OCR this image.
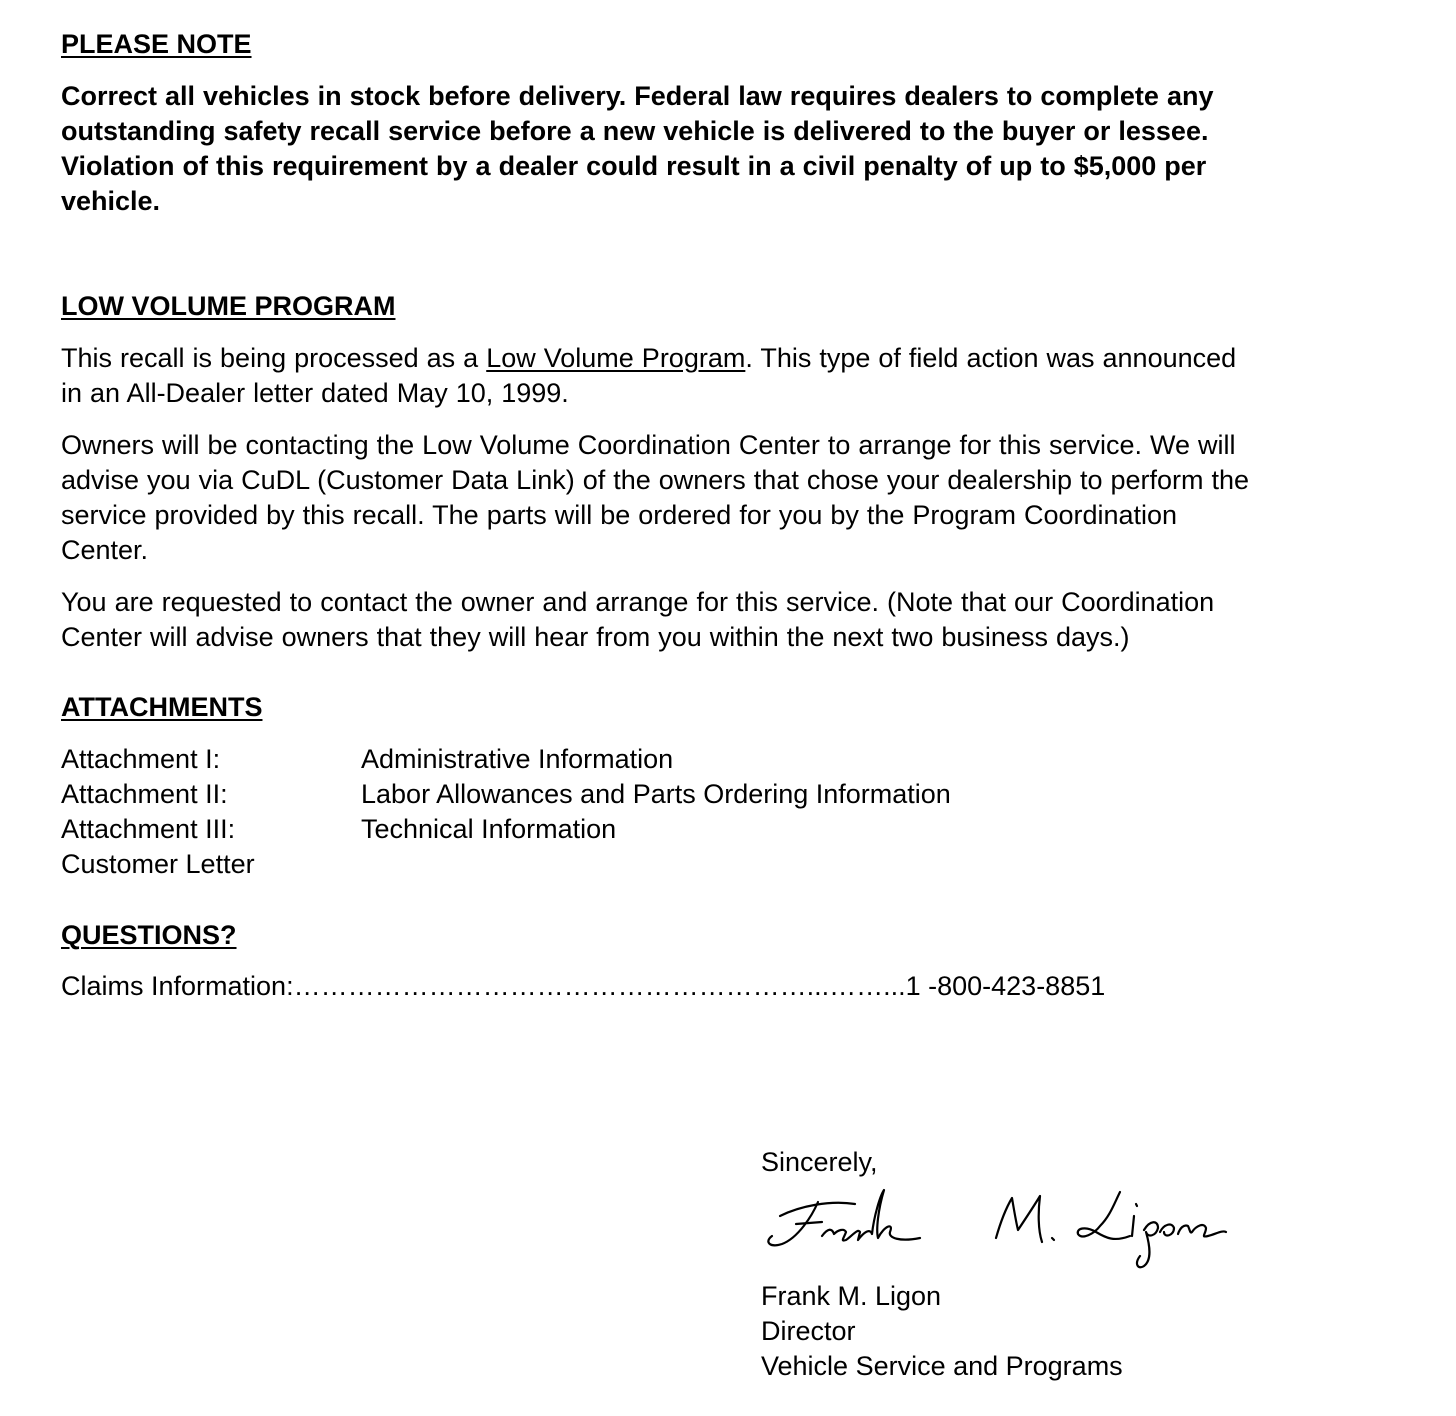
PLEASE NOTE
Correct all vehicles in stock before delivery. Federal law requires dealers to complete any
outstanding safety recall service before a new vehicle is delivered to the buyer or lessee.
Violation of this requirement by a dealer could result in a civil penalty of up to $5,000 per
vehicle.
LOW VOLUME PROGRAM
This recall is being processed as a Low Volume Program. This type of field action was announced
in an All-Dealer letter dated May 10, 1999.
Owners will be contacting the Low Volume Coordination Center to arrange for this service. We will
advise you via CuDL (Customer Data Link) of the owners that chose your dealership to perform the
service provided by this recall. The parts will be ordered for you by the Program Coordination
Center.
You are requested to contact the owner and arrange for this service. (Note that our Coordination
Center will advise owners that they will hear from you within the next two business days.)
ATTACHMENTS
Attachment I:	Administrative Information
Attachment II:	Labor Allowances and Parts Ordering Information
Attachment III:	Technical Information
Customer Letter
QUESTIONS?
Claims Information:…………………………………………………...……...1 -800-423-8851
Sincerely,
Frank M. Ligon
Director
Vehicle Service and Programs
